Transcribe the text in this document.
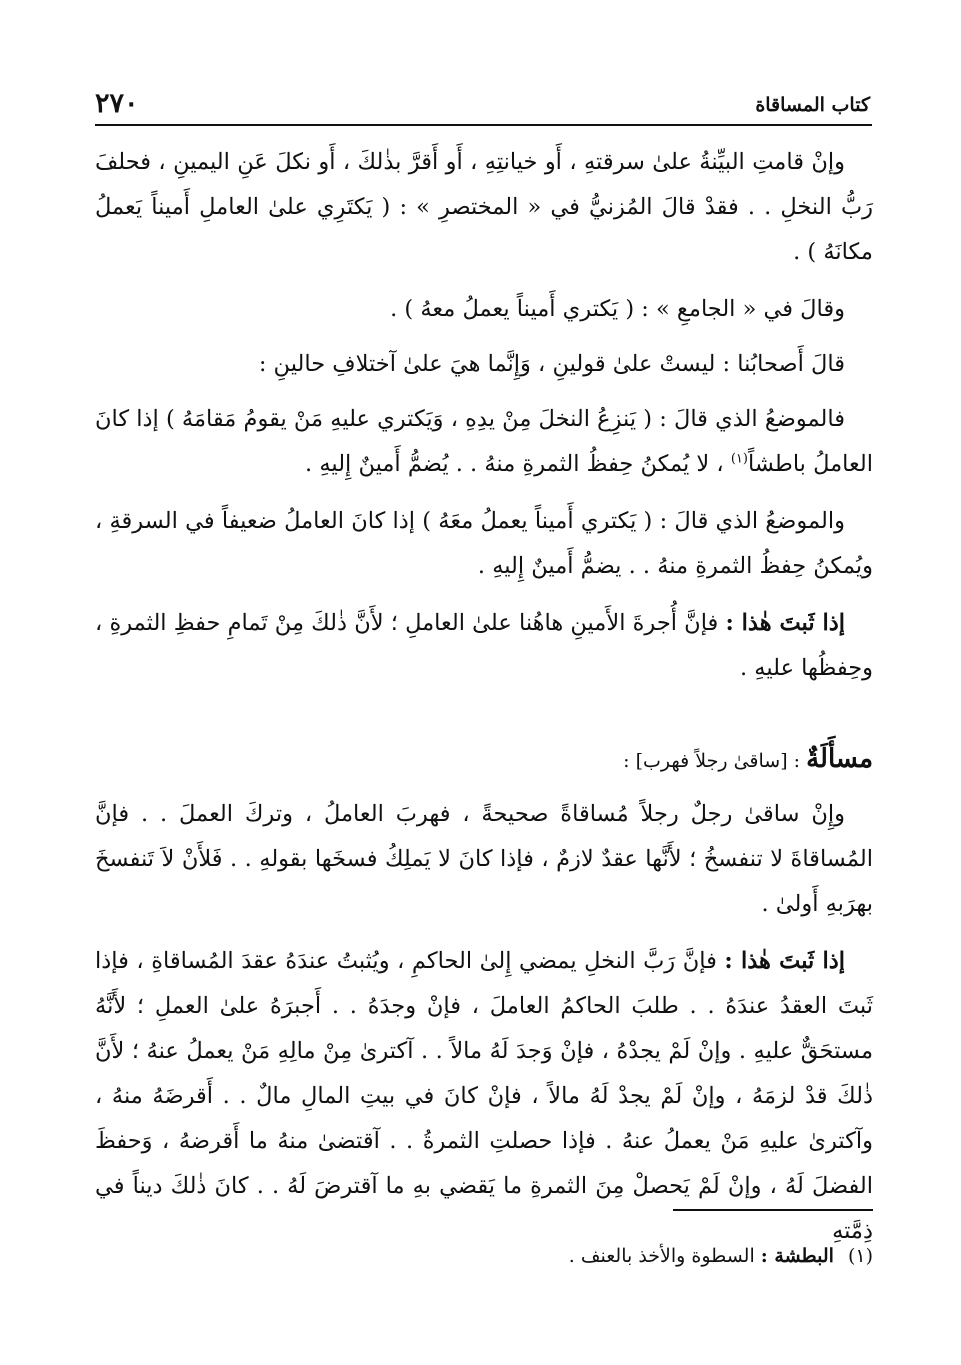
كتاب المساقاة
٢٧٠

وإنْ قامتِ البيِّنةُ علىٰ سرقتهِ ، أَو خيانتِهِ ، أَو أَقرَّ بذٰلكَ ، أَو نكلَ عَنِ اليمينِ ، فحلفَ رَبُّ النخلِ . . فقدْ قالَ المُزنيُّ في « المختصرِ » : ( يَكتَرِي علىٰ العاملِ أَميناً يَعملُ مكانَهُ ) .

وقالَ في « الجامعِ » : ( يَكتري أَميناً يعملُ معهُ ) .

قالَ أَصحابُنا : ليستْ علىٰ قولينِ ، وَإِنَّما هيَ علىٰ آختلافِ حالينِ :

فالموضعُ الذي قالَ : ( يَنزِعُ النخلَ مِنْ يدِهِ ، وَيَكتري عليهِ مَنْ يقومُ مَقامَهُ ) إذا كانَ العاملُ باطشاً$^{(١)}$ ، لا يُمكنُ حِفظُ الثمرةِ منهُ . . يُضمُّ أَمينٌ إِليهِ .

والموضعُ الذي قالَ : ( يَكتري أَميناً يعملُ معَهُ ) إذا كانَ العاملُ ضعيفاً في السرقةِ ، ويُمكنُ حِفظُ الثمرةِ منهُ . . يضمُّ أَمينٌ إِليهِ .

إذا ثَبتَ هٰذا : فإنَّ أُجرةَ الأَمينِ هاهُنا علىٰ العاملِ ؛ لأَنَّ ذٰلكَ مِنْ تَمامِ حفظِ الثمرةِ ، وحِفظُها عليهِ .

مسأَلَةٌ : [ساقىٰ رجلاً فهرب] :

وإِنْ ساقىٰ رجلٌ رجلاً مُساقاةً صحيحةً ، فهربَ العاملُ ، وتركَ العملَ . . فإنَّ المُساقاةَ لا تنفسخُ ؛ لأَنَّها عقدٌ لازمٌ ، فإذا كانَ لا يَملِكُ فسخَها بقولهِ . . فَلأَنْ لاَ تَنفسخَ بهرَبهِ أَولىٰ .

إذا ثَبتَ هٰذا : فإنَّ رَبَّ النخلِ يمضي إِلىٰ الحاكمِ ، ويُثبتُ عندَهُ عقدَ المُساقاةِ ، فإذا ثَبتَ العقدُ عندَهُ . . طلبَ الحاكمُ العاملَ ، فإنْ وجدَهُ . . أَجبرَهُ علىٰ العملِ ؛ لأَنَّهُ مستحَقٌّ عليهِ . وإنْ لَمْ يجدْهُ ، فإنْ وَجدَ لَهُ مالاً . . آكترىٰ مِنْ مالِهِ مَنْ يعملُ عنهُ ؛ لأَنَّ ذٰلكَ قدْ لزمَهُ ، وإنْ لَمْ يجدْ لَهُ مالاً ، فإنْ كانَ في بيتِ المالِ مالٌ . . أَقرضَهُ منهُ ، وآكترىٰ عليهِ مَنْ يعملُ عنهُ . فإذا حصلتِ الثمرةُ . . آقتضىٰ منهُ ما أَقرضهُ ، وَحفظَ الفضلَ لَهُ ، وإنْ لَمْ يَحصلْ مِنَ الثمرةِ ما يَقضي بهِ ما آقترضَ لَهُ . . كانَ ذٰلكَ ديناً في ذِمَّتهِ

(١)البطشة : السطوة والأخذ بالعنف .
